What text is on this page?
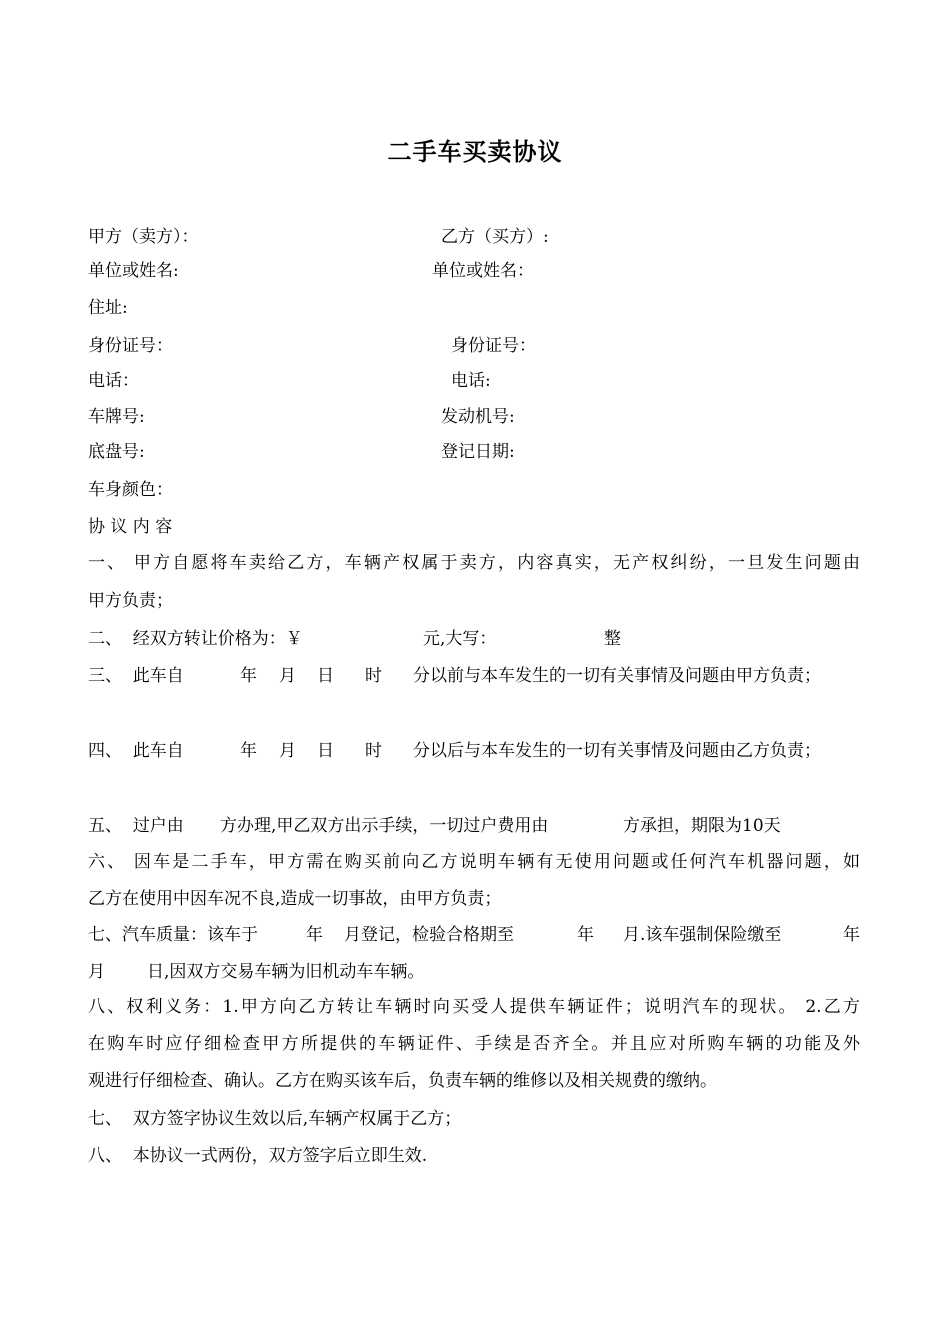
二手车买卖协议
甲方（卖方）：	乙方（买方）:
单位或姓名:	单位或姓名：
住址:
身份证号：	身份证号：
电话：	电话:
车牌号:	发动机号:
底盘号:	登记日期:
车身颜色：
协 议 内 容
一、 甲方自愿将车卖给乙方，车辆产权属于卖方，内容真实，无产权纠纷，一旦发生问题由
甲方负责；
二、  经双方转让价格为：￥	元,大写：	整
三、  此车自	年 月 日 时 分以前与本车发生的一切有关事情及问题由甲方负责；
四、  此车自	年 月 日 时 分以后与本车发生的一切有关事情及问题由乙方负责；
五、  过户由 方办理,甲乙双方出示手续，一切过户费用由	方承担，期限为10天
六、 因车是二手车，甲方需在购买前向乙方说明车辆有无使用问题或任何汽车机器问题，如
乙方在使用中因车况不良,造成一切事故，由甲方负责；
七、汽车质量：该车于	年 月登记，检验合格期至	年 月.该车强制保险缴至	年
月 日,因双方交易车辆为旧机动车车辆。
八、权利义务：1.甲方向乙方转让车辆时向买受人提供车辆证件；说明汽车的现状。 2.乙方
在购车时应仔细检查甲方所提供的车辆证件、手续是否齐全。并且应对所购车辆的功能及外
观进行仔细检查、确认。乙方在购买该车后，负责车辆的维修以及相关规费的缴纳。
七、  双方签字协议生效以后,车辆产权属于乙方；
八、  本协议一式两份，双方签字后立即生效.
